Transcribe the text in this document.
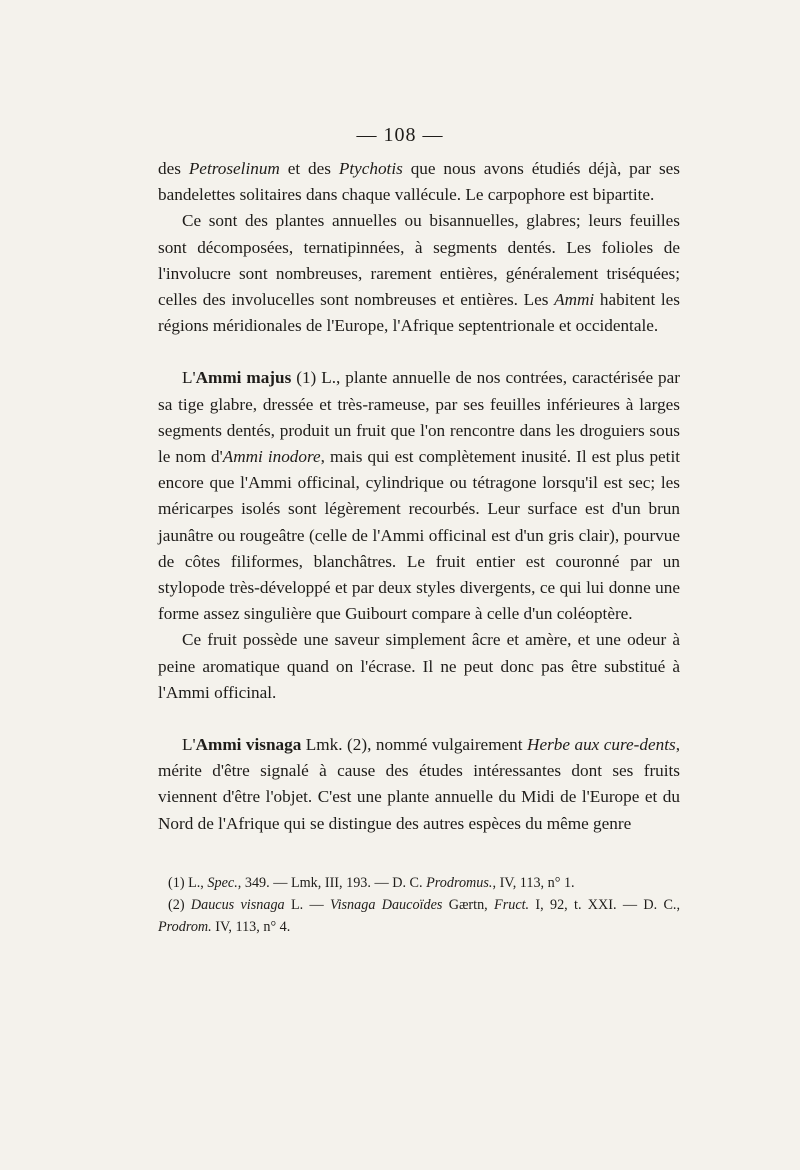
— 108 —

des Petroselinum et des Ptychotis que nous avons étudiés déjà, par ses bandelettes solitaires dans chaque vallécule. Le carpophore est bipartite.

Ce sont des plantes annuelles ou bisannuelles, glabres; leurs feuilles sont décomposées, ternatipinnées, à segments dentés. Les folioles de l'involucre sont nombreuses, rarement entières, généralement triséquées; celles des involucelles sont nombreuses et entières. Les Ammi habitent les régions méridionales de l'Europe, l'Afrique septentrionale et occidentale.

L'Ammi majus (1) L., plante annuelle de nos contrées, caractérisée par sa tige glabre, dressée et très-rameuse, par ses feuilles inférieures à larges segments dentés, produit un fruit que l'on rencontre dans les droguiers sous le nom d'Ammi inodore, mais qui est complètement inusité. Il est plus petit encore que l'Ammi officinal, cylindrique ou tétragone lorsqu'il est sec; les méricarpes isolés sont légèrement recourbés. Leur surface est d'un brun jaunâtre ou rougeâtre (celle de l'Ammi officinal est d'un gris clair), pourvue de côtes filiformes, blanchâtres. Le fruit entier est couronné par un stylopode très-développé et par deux styles divergents, ce qui lui donne une forme assez singulière que Guibourt compare à celle d'un coléoptère.

Ce fruit possède une saveur simplement âcre et amère, et une odeur à peine aromatique quand on l'écrase. Il ne peut donc pas être substitué à l'Ammi officinal.

L'Ammi visnaga Lmk. (2), nommé vulgairement Herbe aux cure-dents, mérite d'être signalé à cause des études intéressantes dont ses fruits viennent d'être l'objet. C'est une plante annuelle du Midi de l'Europe et du Nord de l'Afrique qui se distingue des autres espèces du même genre

(1) L., Spec., 349. — Lmk, III, 193. — D. C. Prodromus., IV, 113, n° 1.

(2) Daucus visnaga L. — Visnaga Daucoïdes Gærtn, Fruct. I, 92, t. XXI. — D. C., Prodrom. IV, 113, n° 4.
